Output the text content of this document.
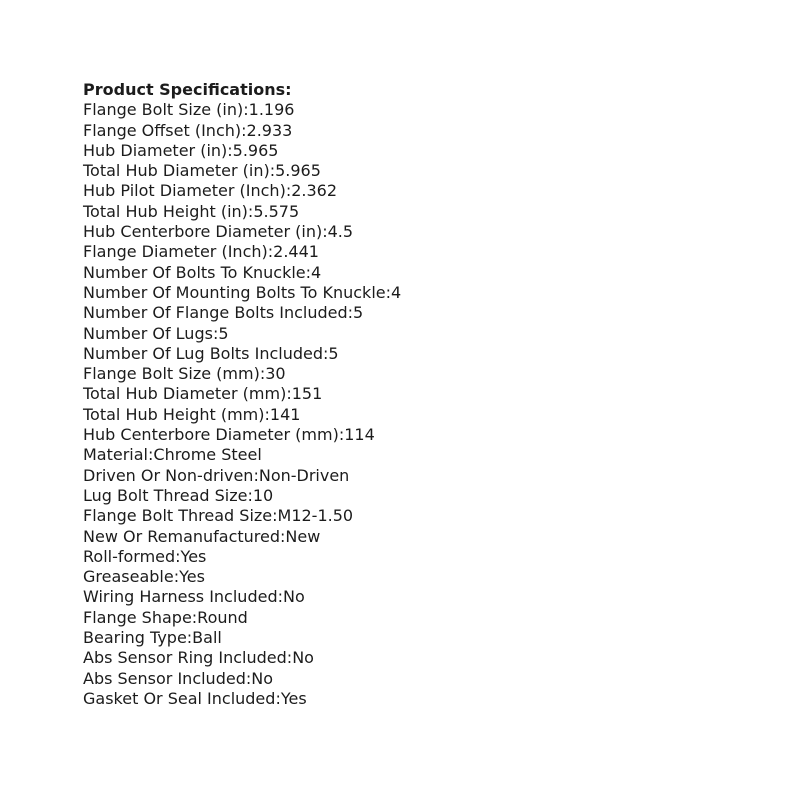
Product Specifications:
Flange Bolt Size (in):1.196
Flange Offset (Inch):2.933
Hub Diameter (in):5.965
Total Hub Diameter (in):5.965
Hub Pilot Diameter (Inch):2.362
Total Hub Height (in):5.575
Hub Centerbore Diameter (in):4.5
Flange Diameter (Inch):2.441
Number Of Bolts To Knuckle:4
Number Of Mounting Bolts To Knuckle:4
Number Of Flange Bolts Included:5
Number Of Lugs:5
Number Of Lug Bolts Included:5
Flange Bolt Size (mm):30
Total Hub Diameter (mm):151
Total Hub Height (mm):141
Hub Centerbore Diameter (mm):114
Material:Chrome Steel
Driven Or Non-driven:Non-Driven
Lug Bolt Thread Size:10
Flange Bolt Thread Size:M12-1.50
New Or Remanufactured:New
Roll-formed:Yes
Greaseable:Yes
Wiring Harness Included:No
Flange Shape:Round
Bearing Type:Ball
Abs Sensor Ring Included:No
Abs Sensor Included:No
Gasket Or Seal Included:Yes
